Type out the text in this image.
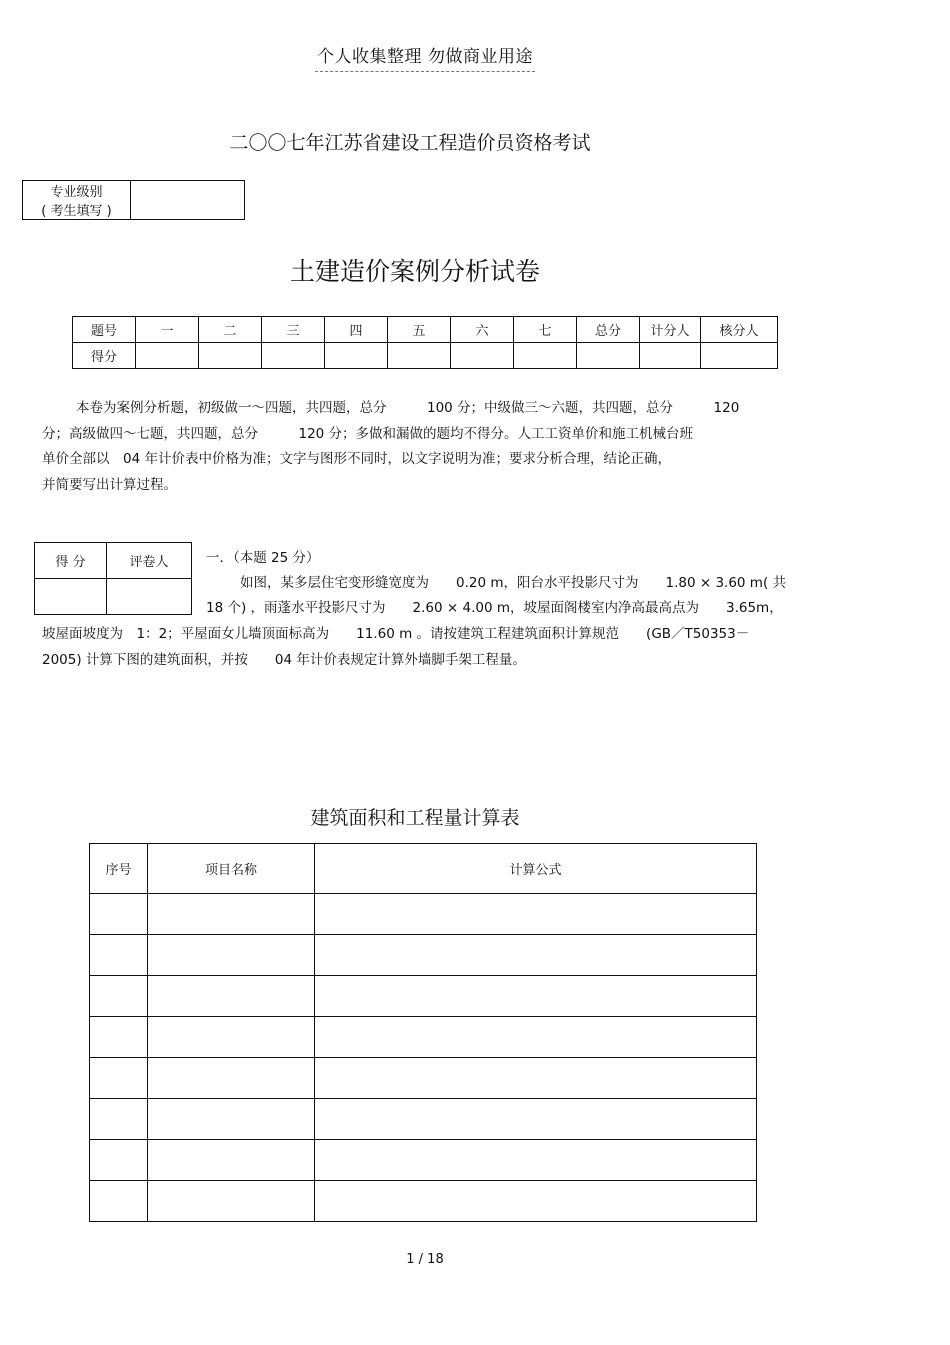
个人收集整理 勿做商业用途
二〇〇七年江苏省建设工程造价员资格考试
专业级别
( 考生填写 )

土建造价案例分析试卷
题号	一	二	三	四	五	六	七	总分	计分人	核分人
得分										
本卷为案例分析题，初级做一～四题，共四题，总分　　　100 分；中级做三～六题，共四题，总分　　　120
分；高级做四～七题，共四题，总分　　　120 分；多做和漏做的题均不得分。人工工资单价和施工机械台班
单价全部以　04 年计价表中价格为准；文字与图形不同时，以文字说明为准；要求分析合理，结论正确，
并简要写出计算过程。
得 分	评卷人
		一．（本题 25 分）
如图，某多层住宅变形缝宽度为　　0.20 m，阳台水平投影尺寸为　　1.80 × 3.60 m( 共
18 个) ，雨蓬水平投影尺寸为　　2.60 × 4.00 m，坡屋面阁楼室内净高最高点为　　3.65m，
坡屋面坡度为　1：2；平屋面女儿墙顶面标高为　　11.60 m 。请按建筑工程建筑面积计算规范　　(GB／T50353－
2005) 计算下图的建筑面积，并按　　04 年计价表规定计算外墙脚手架工程量。
建筑面积和工程量计算表
序号	项目名称	计算公式

1 / 18
